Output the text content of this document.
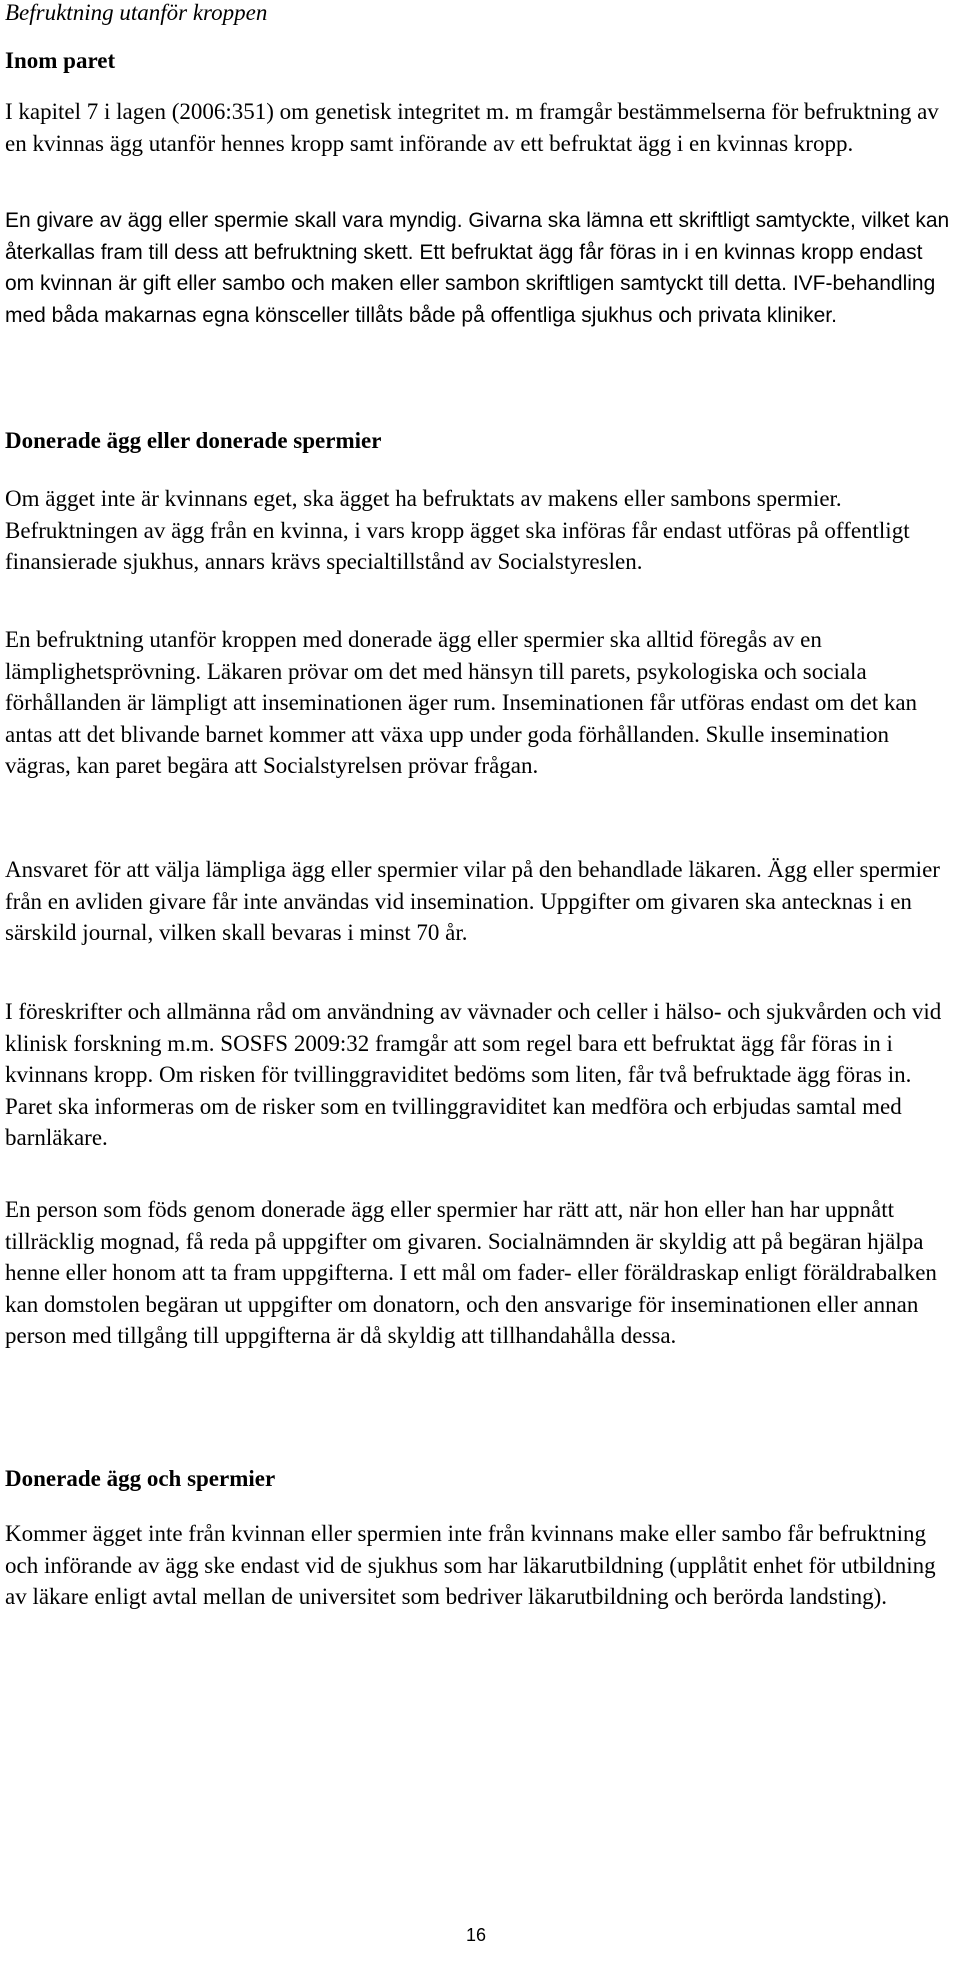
Befruktning utanför kroppen
Inom paret

I kapitel 7 i lagen (2006:351) om genetisk integritet m. m framgår bestämmelserna för befruktning av en kvinnas ägg utanför hennes kropp samt införande av ett befruktat ägg i en kvinnas kropp.

En givare av ägg eller spermie skall vara myndig. Givarna ska lämna ett skriftligt samtyckte, vilket kan återkallas fram till dess att befruktning skett. Ett befruktat ägg får föras in i en kvinnas kropp endast om kvinnan är gift eller sambo och maken eller sambon skriftligen samtyckt till detta. IVF-behandling med båda makarnas egna könsceller tillåts både på offentliga sjukhus och privata kliniker.

Donerade ägg eller donerade spermier

Om ägget inte är kvinnans eget, ska ägget ha befruktats av makens eller sambons spermier. Befruktningen av ägg från en kvinna, i vars kropp ägget ska införas får endast utföras på offentligt finansierade sjukhus, annars krävs specialtillstånd av Socialstyreslen.

En befruktning utanför kroppen med donerade ägg eller spermier ska alltid föregås av en lämplighetsprövning. Läkaren prövar om det med hänsyn till parets, psykologiska och sociala förhållanden är lämpligt att inseminationen äger rum. Inseminationen får utföras endast om det kan antas att det blivande barnet kommer att växa upp under goda förhållanden. Skulle insemination vägras, kan paret begära att Socialstyrelsen prövar frågan.

Ansvaret för att välja lämpliga ägg eller spermier vilar på den behandlade läkaren. Ägg eller spermier från en avliden givare får inte användas vid insemination. Uppgifter om givaren ska antecknas i en särskild journal, vilken skall bevaras i minst 70 år.

I föreskrifter och allmänna råd om användning av vävnader och celler i hälso- och sjukvården och vid klinisk forskning m.m. SOSFS 2009:32 framgår att som regel bara ett befruktat ägg får föras in i kvinnans kropp. Om risken för tvillinggraviditet bedöms som liten, får två befruktade ägg föras in. Paret ska informeras om de risker som en tvillinggraviditet kan medföra och erbjudas samtal med barnläkare.

En person som föds genom donerade ägg eller spermier har rätt att, när hon eller han har uppnått tillräcklig mognad, få reda på uppgifter om givaren. Socialnämnden är skyldig att på begäran hjälpa henne eller honom att ta fram uppgifterna. I ett mål om fader- eller föräldraskap enligt föräldrabalken kan domstolen begäran ut uppgifter om donatorn, och den ansvarige för inseminationen eller annan person med tillgång till uppgifterna är då skyldig att tillhandahålla dessa.

Donerade ägg och spermier

Kommer ägget inte från kvinnan eller spermien inte från kvinnans make eller sambo får befruktning och införande av ägg ske endast vid de sjukhus som har läkarutbildning (upplåtit enhet för utbildning av läkare enligt avtal mellan de universitet som bedriver läkarutbildning och berörda landsting).

16
